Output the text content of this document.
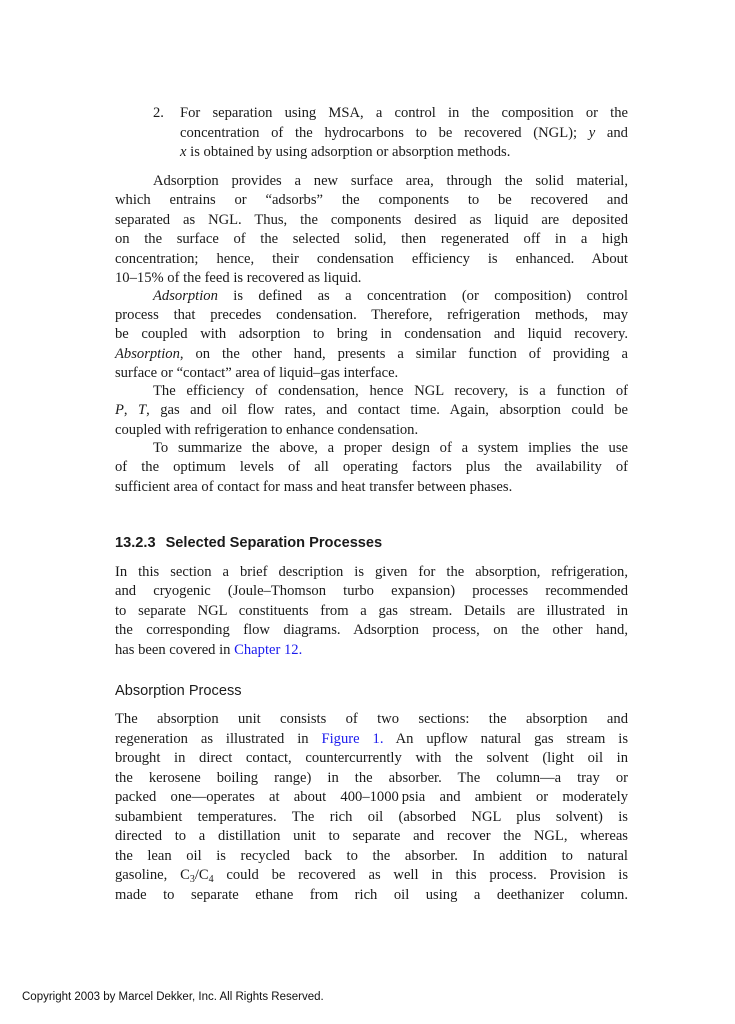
2. For separation using MSA, a control in the composition or the
concentration of the hydrocarbons to be recovered (NGL); y and
x is obtained by using adsorption or absorption methods.
Adsorption provides a new surface area, through the solid material,
which entrains or “adsorbs” the components to be recovered and
separated as NGL. Thus, the components desired as liquid are deposited
on the surface of the selected solid, then regenerated off in a high
concentration; hence, their condensation efficiency is enhanced. About
10–15% of the feed is recovered as liquid.
Adsorption is defined as a concentration (or composition) control
process that precedes condensation. Therefore, refrigeration methods, may
be coupled with adsorption to bring in condensation and liquid recovery.
Absorption, on the other hand, presents a similar function of providing a
surface or “contact” area of liquid–gas interface.
The efficiency of condensation, hence NGL recovery, is a function of
P, T, gas and oil flow rates, and contact time. Again, absorption could be
coupled with refrigeration to enhance condensation.
To summarize the above, a proper design of a system implies the use
of the optimum levels of all operating factors plus the availability of
sufficient area of contact for mass and heat transfer between phases.
13.2.3 Selected Separation Processes
In this section a brief description is given for the absorption, refrigeration,
and cryogenic (Joule–Thomson turbo expansion) processes recommended
to separate NGL constituents from a gas stream. Details are illustrated in
the corresponding flow diagrams. Adsorption process, on the other hand,
has been covered in Chapter 12.
Absorption Process
The absorption unit consists of two sections: the absorption and
regeneration as illustrated in Figure 1. An upflow natural gas stream is
brought in direct contact, countercurrently with the solvent (light oil in
the kerosene boiling range) in the absorber. The column—a tray or
packed one—operates at about 400–1000 psia and ambient or moderately
subambient temperatures. The rich oil (absorbed NGL plus solvent) is
directed to a distillation unit to separate and recover the NGL, whereas
the lean oil is recycled back to the absorber. In addition to natural
gasoline, $C_3/C_4$ could be recovered as well in this process. Provision is
made to separate ethane from rich oil using a deethanizer column.
Copyright 2003 by Marcel Dekker, Inc. All Rights Reserved.
